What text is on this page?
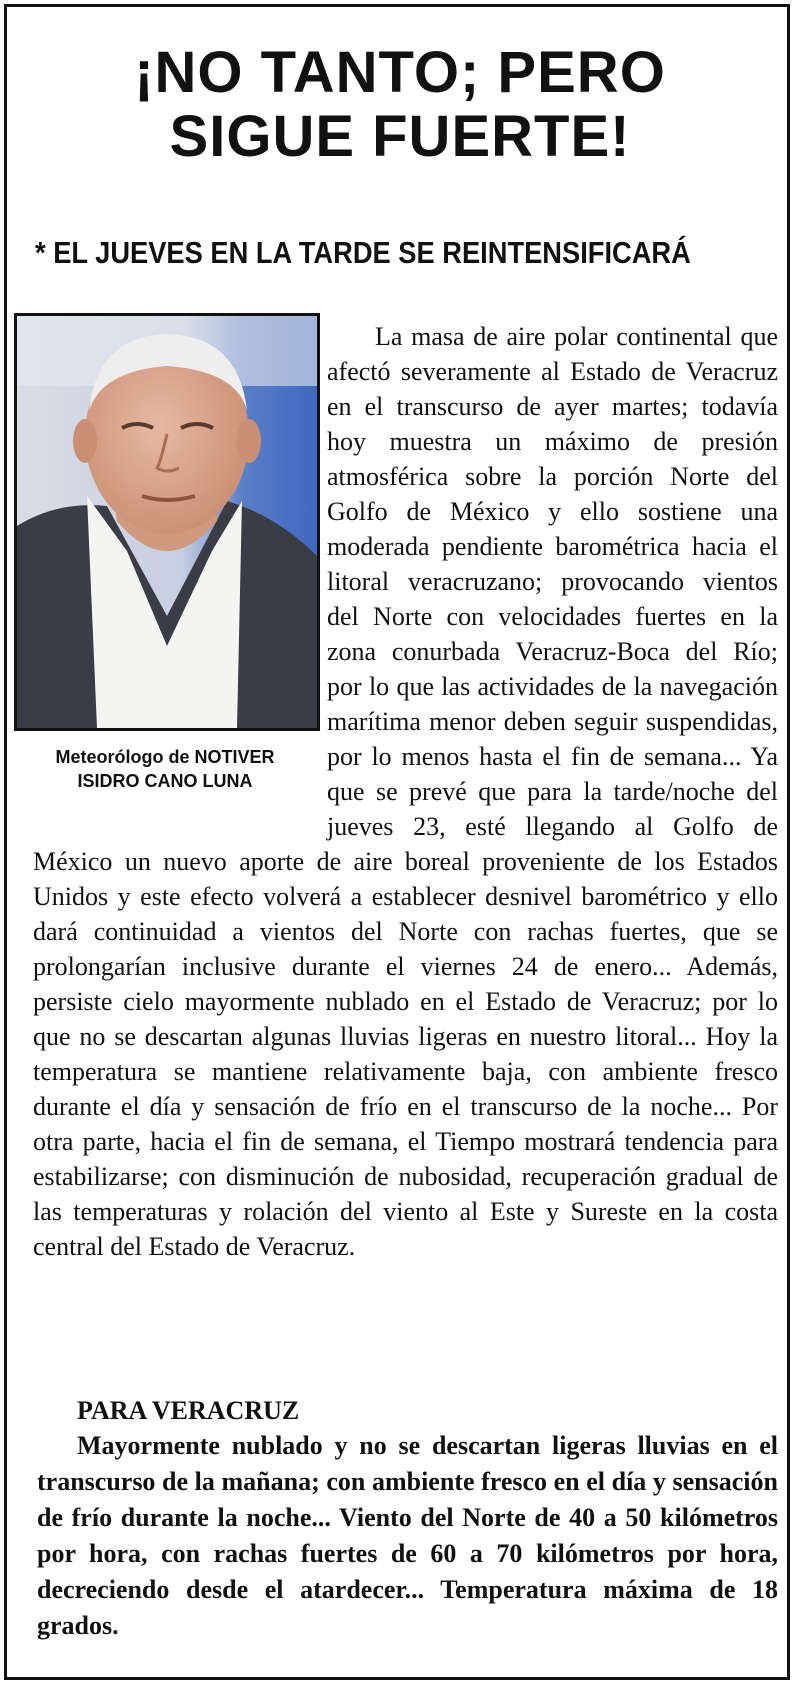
¡NO TANTO; PERO
SIGUE FUERTE!
* EL JUEVES EN LA TARDE SE REINTENSIFICARÁ
Meteorólogo de NOTIVER
ISIDRO CANO LUNA

La masa de aire polar continental que afectó severamente al Estado de Veracruz en el transcurso de ayer martes; todavía hoy muestra un máximo de presión atmosférica sobre la porción Norte del Golfo de México y ello sostiene una moderada pendiente barométrica hacia el litoral veracruzano; provocando vientos del Norte con velocidades fuertes en la zona conurbada Veracruz-Boca del Río; por lo que las actividades de la navegación marítima menor deben seguir suspendidas, por lo menos hasta el fin de semana... Ya que se prevé que para la tarde/noche del jueves 23, esté llegando al Golfo de México un nuevo aporte de aire boreal proveniente de los Estados Unidos y este efecto volverá a establecer desnivel barométrico y ello dará continuidad a vientos del Norte con rachas fuertes, que se prolongarían inclusive durante el viernes 24 de enero... Además, persiste cielo mayormente nublado en el Estado de Veracruz; por lo que no se descartan algunas lluvias ligeras en nuestro litoral... Hoy la temperatura se mantiene relativamente baja, con ambiente fresco durante el día y sensación de frío en el transcurso de la noche... Por otra parte, hacia el fin de semana, el Tiempo mostrará tendencia para estabilizarse; con disminución de nubosidad, recuperación gradual de las temperaturas y rolación del viento al Este y Sureste en la costa central del Estado de Veracruz.

PARA VERACRUZ

Mayormente nublado y no se descartan ligeras lluvias en el transcurso de la mañana; con ambiente fresco en el día y sensación de frío durante la noche... Viento del Norte de 40 a 50 kilómetros por hora, con rachas fuertes de 60 a 70 kilómetros por hora, decreciendo desde el atardecer... Temperatura máxima de 18 grados.
